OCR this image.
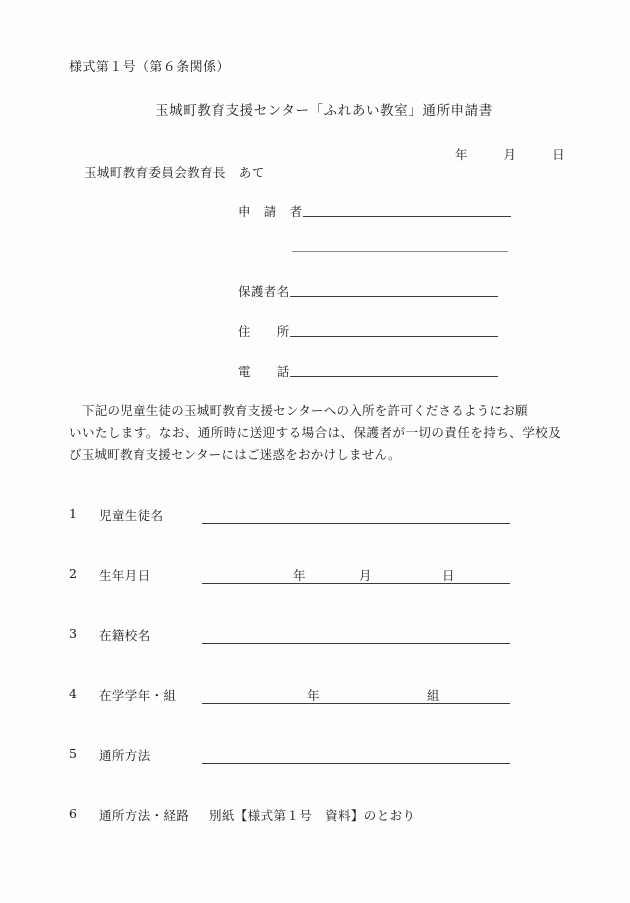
様式第１号（第６条関係）
玉城町教育支援センター「ふれあい教室」通所申請書
年	月	日
玉城町教育委員会教育長　あて
申　請　者
保護者名
住　　所
電　　話
下記の児童生徒の玉城町教育支援センターへの入所を許可くださるようにお願
いいたします。なお、通所時に送迎する場合は、保護者が一切の責任を持ち、学校及び玉城町教育支援センターにはご迷惑をおかけしません。
1 児童生徒名
2 生年月日	年	月	日
3 在籍校名
4 在学学年・組	年	組
5 通所方法
6 通所方法・経路 別紙【様式第１号　資料】のとおり
